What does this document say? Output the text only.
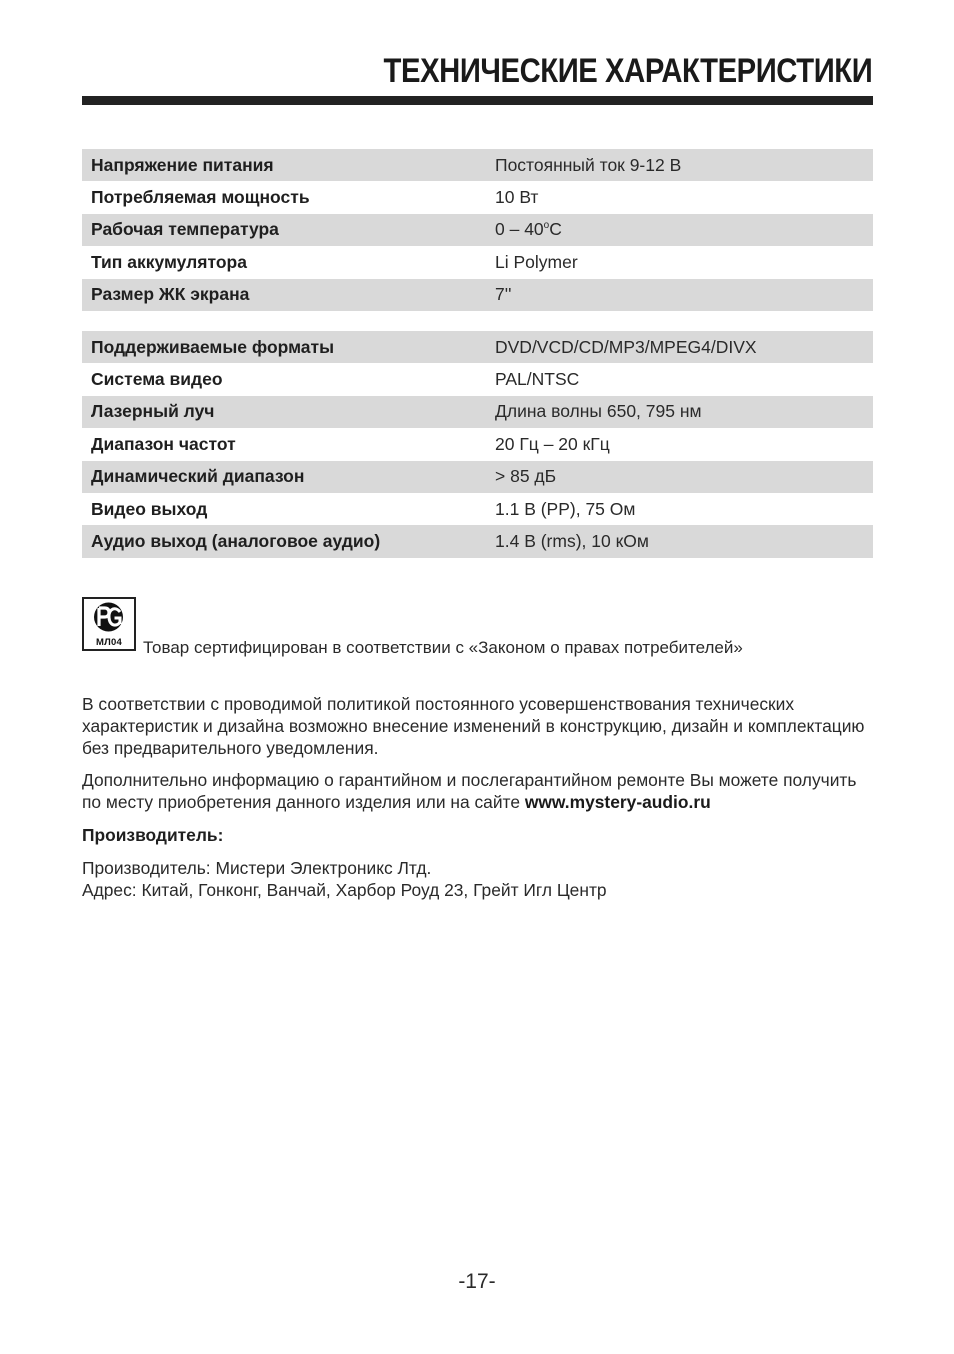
ТЕХНИЧЕСКИЕ ХАРАКТЕРИСТИКИ
Напряжение питания	Постоянный ток 9-12 В
Потребляемая мощность	10 Вт
Рабочая температура	0 – 40$^o$С
Тип аккумулятора	Li Polymer
Размер ЖК экрана	7''
Поддерживаемые форматы	DVD/VCD/CD/MP3/MPEG4/DIVX
Система видео	PAL/NTSC
Лазерный луч	Длина волны 650, 795 нм
Диапазон частот	20 Гц – 20 кГц
Динамический диапазон	> 85 дБ
Видео выход	1.1 В (PP), 75 Ом
Аудио выход (аналоговое аудио)	1.4 В (rms), 10 кОм
МЛ04	Товар сертифицирован в соответствии с «Законом о правах потребителей»
В соответствии с проводимой политикой постоянного усовершенствования технических характеристик и дизайна возможно внесение изменений в конструкцию, дизайн и комплектацию без предварительного уведомления.
Дополнительно информацию о гарантийном и послегарантийном ремонте Вы можете получить по месту приобретения данного изделия или на сайте www.mystery-audio.ru
Производитель:
Производитель: Мистери Электроникс Лтд.
Адрес: Китай, Гонконг, Ванчай, Харбор Роуд 23, Грейт Игл Центр
-17-
